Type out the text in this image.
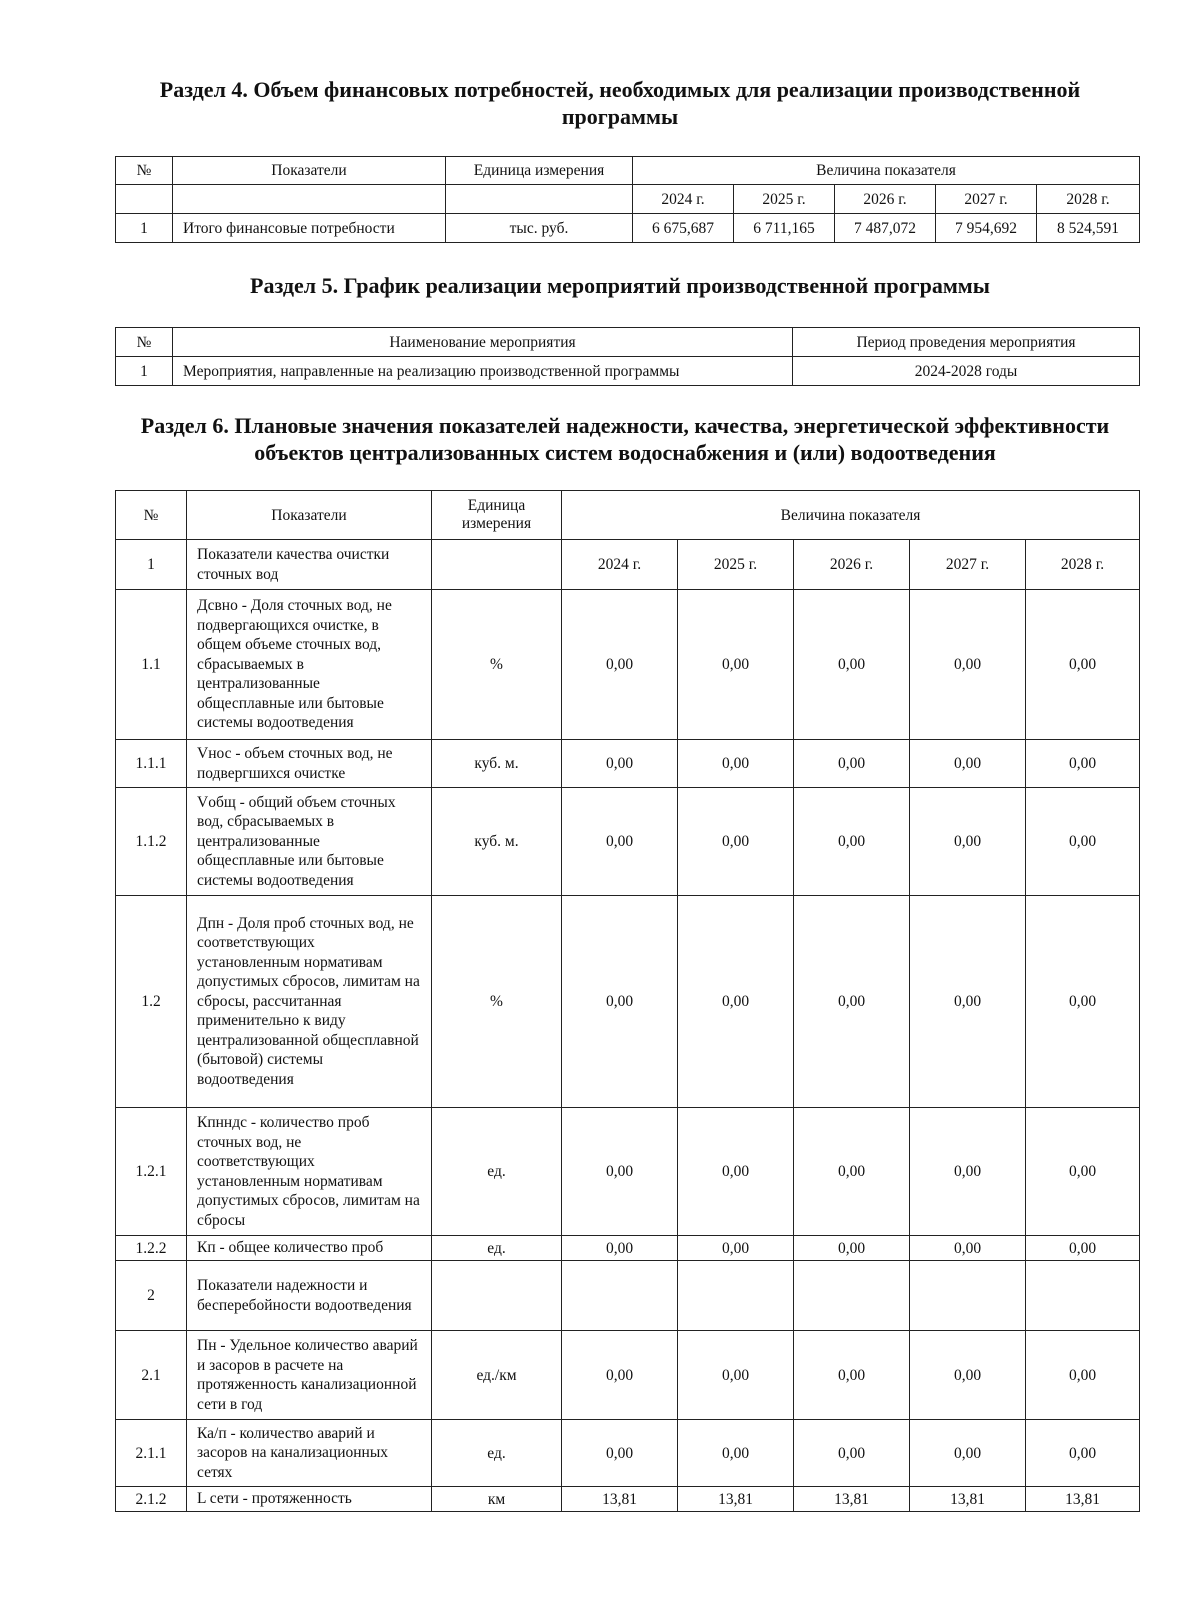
Раздел 4. Объем финансовых потребностей, необходимых для реализации производственной программы
№	Показатели	Единица измерения	Величина показателя				
			2024 г.	2025 г.	2026 г.	2027 г.	2028 г.
1	Итого финансовые потребности	тыс. руб.	6 675,687	6 711,165	7 487,072	7 954,692	8 524,591
Раздел 5. График реализации мероприятий производственной программы
№	Наименование мероприятия	Период проведения мероприятия
1	Мероприятия, направленные на реализацию производственной программы	2024-2028 годы
Раздел 6. Плановые значения показателей надежности, качества, энергетической эффективности объектов централизованных систем водоснабжения и (или) водоотведения
№	Показатели	Единица измерения	Величина показателя				
1	Показатели качества очистки сточных вод		2024 г.	2025 г.	2026 г.	2027 г.	2028 г.
1.1	Дсвно - Доля сточных вод, не подвергающихся очистке, в общем объеме сточных вод, сбрасываемых в централизованные общесплавные или бытовые системы водоотведения	%	0,00	0,00	0,00	0,00	0,00
1.1.1	Vнос - объем сточных вод, не подвергшихся очистке	куб. м.	0,00	0,00	0,00	0,00	0,00
1.1.2	Vобщ - общий объем сточных вод, сбрасываемых в централизованные общесплавные или бытовые системы водоотведения	куб. м.	0,00	0,00	0,00	0,00	0,00
1.2	Дпн - Доля проб сточных вод, не соответствующих установленным нормативам допустимых сбросов, лимитам на сбросы, рассчитанная применительно к виду централизованной общесплавной (бытовой) системы водоотведения	%	0,00	0,00	0,00	0,00	0,00
1.2.1	Кпнндс - количество проб сточных вод, не соответствующих установленным нормативам допустимых сбросов, лимитам на сбросы	ед.	0,00	0,00	0,00	0,00	0,00
1.2.2	Кп - общее количество проб	ед.	0,00	0,00	0,00	0,00	0,00
2	Показатели надежности и бесперебойности водоотведения						
2.1	Пн - Удельное количество аварий и засоров в расчете на протяженность канализационной сети в год	ед./км	0,00	0,00	0,00	0,00	0,00
2.1.1	Ка/п - количество аварий и засоров на канализационных сетях	ед.	0,00	0,00	0,00	0,00	0,00
2.1.2	L сети - протяженность	км	13,81	13,81	13,81	13,81	13,81
